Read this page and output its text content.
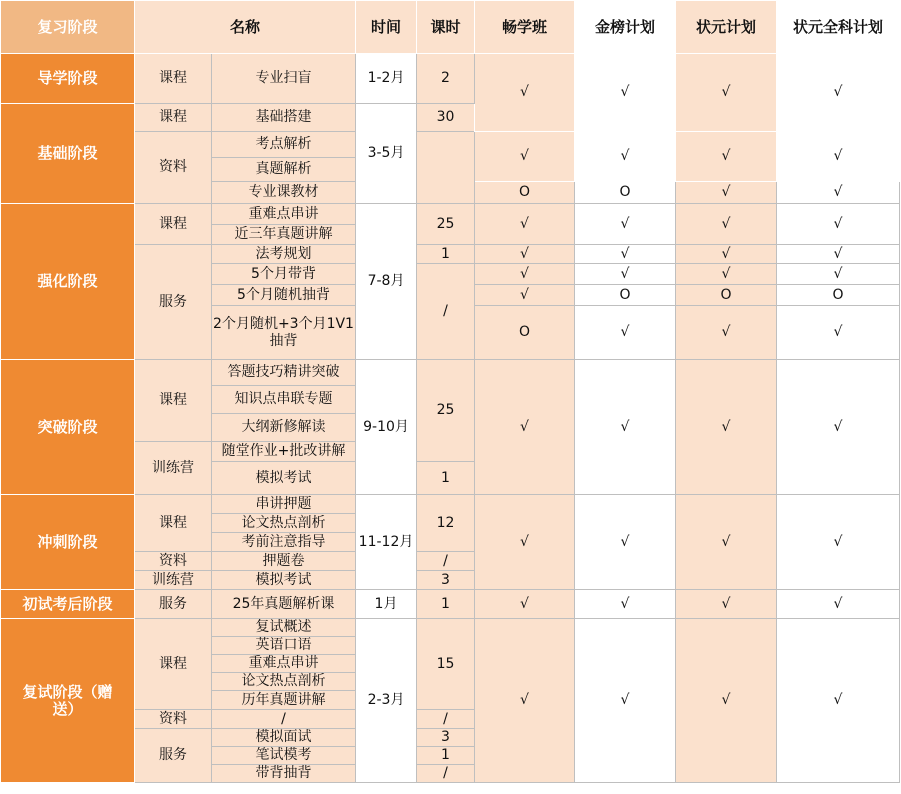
复习阶段	名称		时间	课时	畅学班	金榜计划	状元计划	状元全科计划
导学阶段	课程	专业扫盲	1-2月	2	√	√	√	√
基础阶段	课程	基础搭建	3-5月	30				
	资料	考点解析			√	√	√	√
		真题解析						
		专业课教材			O	O	√	√
强化阶段	课程	重难点串讲	7-8月	25	√	√	√	√
		近三年真题讲解						
	服务	法考规划		1	√	√	√	√
		5个月带背		/	√	√	√	√
		5个月随机抽背			√	O	O	O
		2个月随机+3个月1V1抽背			O	√	√	√
突破阶段	课程	答题技巧精讲突破	9-10月	25	√	√	√	√
		知识点串联专题						
		大纲新修解读						
	训练营	随堂作业+批改讲解						
		模拟考试		1				
冲刺阶段	课程	串讲押题	11-12月	12	√	√	√	√
		论文热点剖析						
		考前注意指导						
	资料	押题卷		/				
	训练营	模拟考试		3				
初试考后阶段	服务	25年真题解析课	1月	1	√	√	√	√
复试阶段（赠送）	课程	复试概述	2-3月	15	√	√	√	√
		英语口语						
		重难点串讲						
		论文热点剖析						
		历年真题讲解						
	资料	/		/				
	服务	模拟面试		3				
		笔试模考		1				
		带背抽背		/				
